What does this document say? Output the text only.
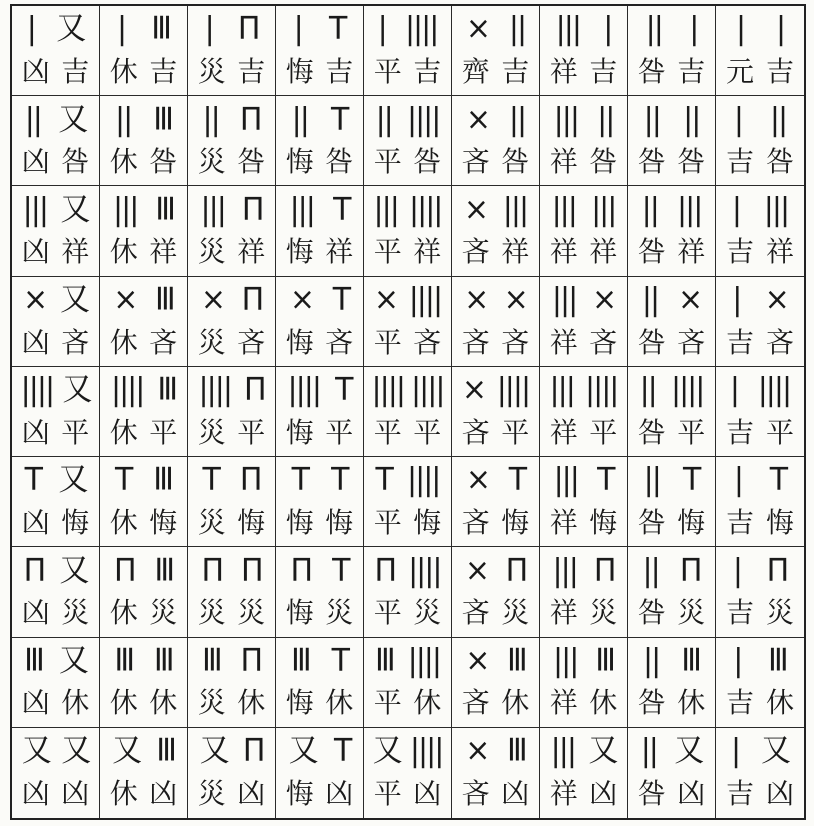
| 又
凶 吉
| Ⅲ
休 吉
| Π
災 吉
| T
悔 吉
| ||||
平 吉
× ||
齊 吉
||| |
祥 吉
|| |
咎 吉
| |
元 吉
|| 又
凶 咎
|| Ⅲ
休 咎
|| Π
災 咎
|| T
悔 咎
|| ||||
平 咎
× ||
吝 咎
||| ||
祥 咎
|| ||
咎 咎
| ||
吉 咎
||| 又
凶 祥
||| Ⅲ
休 祥
||| Π
災 祥
||| T
悔 祥
||| ||||
平 祥
× |||
吝 祥
||| |||
祥 祥
|| |||
咎 祥
| |||
吉 祥
× 又
凶 吝
× Ⅲ
休 吝
× Π
災 吝
× T
悔 吝
× ||||
平 吝
× ×
吝 吝
||| ×
祥 吝
|| ×
咎 吝
| ×
吉 吝
|||| 又
凶 平
|||| Ⅲ
休 平
|||| Π
災 平
|||| T
悔 平
|||| ||||
平 平
× ||||
吝 平
||| ||||
祥 平
|| ||||
咎 平
| ||||
吉 平
T 又
凶 悔
T Ⅲ
休 悔
T Π
災 悔
T T
悔 悔
T ||||
平 悔
× T
吝 悔
||| T
祥 悔
|| T
咎 悔
| T
吉 悔
Π 又
凶 災
Π Ⅲ
休 災
Π Π
災 災
Π T
悔 災
Π ||||
平 災
× Π
吝 災
||| Π
祥 災
|| Π
咎 災
| Π
吉 災
Ⅲ 又
凶 休
Ⅲ Ⅲ
休 休
Ⅲ Π
災 休
Ⅲ T
悔 休
Ⅲ ||||
平 休
× Ⅲ
吝 休
||| Ⅲ
祥 休
|| Ⅲ
咎 休
| Ⅲ
吉 休
又 又
凶 凶
又 Ⅲ
休 凶
又 Π
災 凶
又 T
悔 凶
又 ||||
平 凶
× Ⅲ
吝 凶
||| 又
祥 凶
|| 又
咎 凶
| 又
吉 凶
